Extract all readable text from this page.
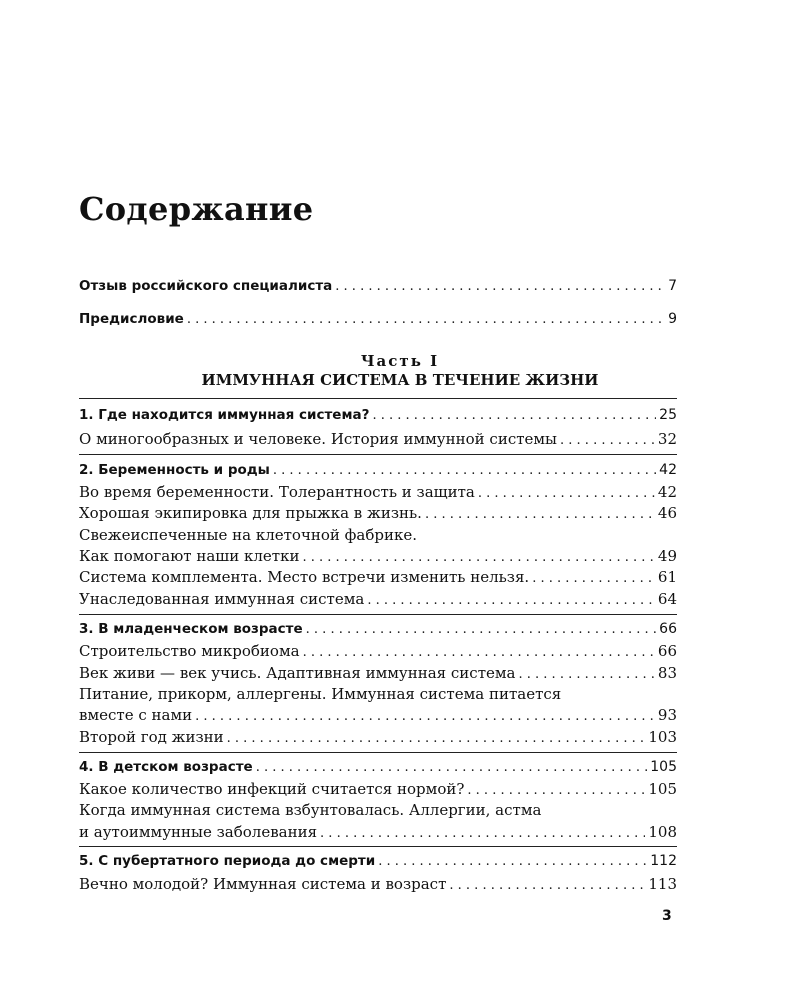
Содержание
Отзыв российского специалиста . . .	7
Предисловие . . .	9
Часть I
ИММУННАЯ СИСТЕМА В ТЕЧЕНИЕ ЖИЗНИ
1. Где находится иммунная система? . . .	25
О миногообразных и человеке. История иммунной системы . . .	32
2. Беременность и роды . . .	42
Во время беременности. Толерантность и защита . . .	42
Хорошая экипировка для прыжка в жизнь. . . .	46
Свежеиспеченные на клеточной фабрике.
Как помогают наши клетки . . .	49
Система комплемента. Место встречи изменить нельзя. . . .	61
Унаследованная иммунная система . . .	64
3. В младенческом возрасте . . .	66
Строительство микробиома . . .	66
Век живи — век учись. Адаптивная иммунная система . . .	83
Питание, прикорм, аллергены. Иммунная система питается
вместе с нами . . .	93
Второй год жизни . . .	103
4. В детском возрасте . . .	105
Какое количество инфекций считается нормой? . . .	105
Когда иммунная система взбунтовалась. Аллергии, астма
и аутоиммунные заболевания . . .	108
5. С пубертатного периода до смерти . . .	112
Вечно молодой? Иммунная система и возраст . . .	113
3
